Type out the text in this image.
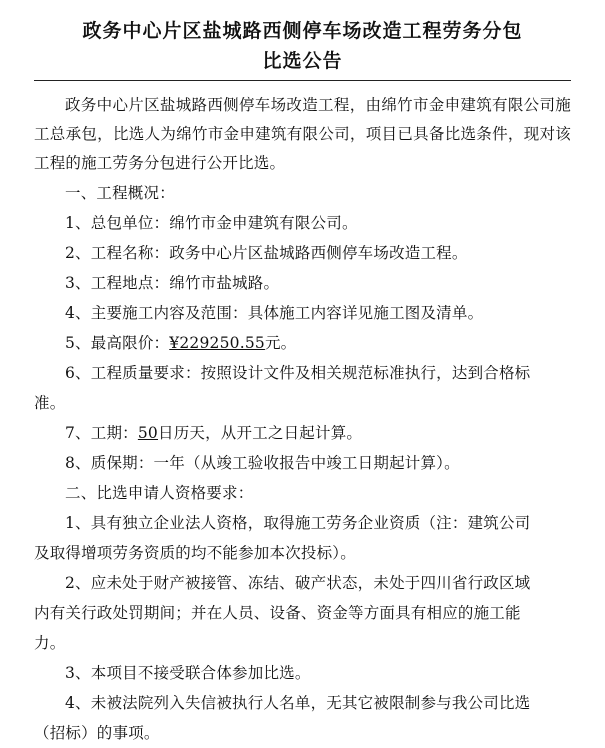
政务中心片区盐城路西侧停车场改造工程劳务分包
比选公告

政务中心片区盐城路西侧停车场改造工程，由绵竹市金申建筑有限公司施工总承包，比选人为绵竹市金申建筑有限公司，项目已具备比选条件，现对该工程的施工劳务分包进行公开比选。

一、工程概况：

1、总包单位：绵竹市金申建筑有限公司。

2、工程名称：政务中心片区盐城路西侧停车场改造工程。

3、工程地点：绵竹市盐城路。

4、主要施工内容及范围：具体施工内容详见施工图及清单。

5、最高限价：¥229250.55元。

6、工程质量要求：按照设计文件及相关规范标准执行，达到合格标

准。

7、工期：50日历天，从开工之日起计算。

8、质保期：一年（从竣工验收报告中竣工日期起计算）。

二、比选申请人资格要求：

1、具有独立企业法人资格，取得施工劳务企业资质（注：建筑公司

及取得增项劳务资质的均不能参加本次投标）。

2、应未处于财产被接管、冻结、破产状态，未处于四川省行政区域

内有关行政处罚期间；并在人员、设备、资金等方面具有相应的施工能

力。

3、本项目不接受联合体参加比选。

4、未被法院列入失信被执行人名单，无其它被限制参与我公司比选

（招标）的事项。
